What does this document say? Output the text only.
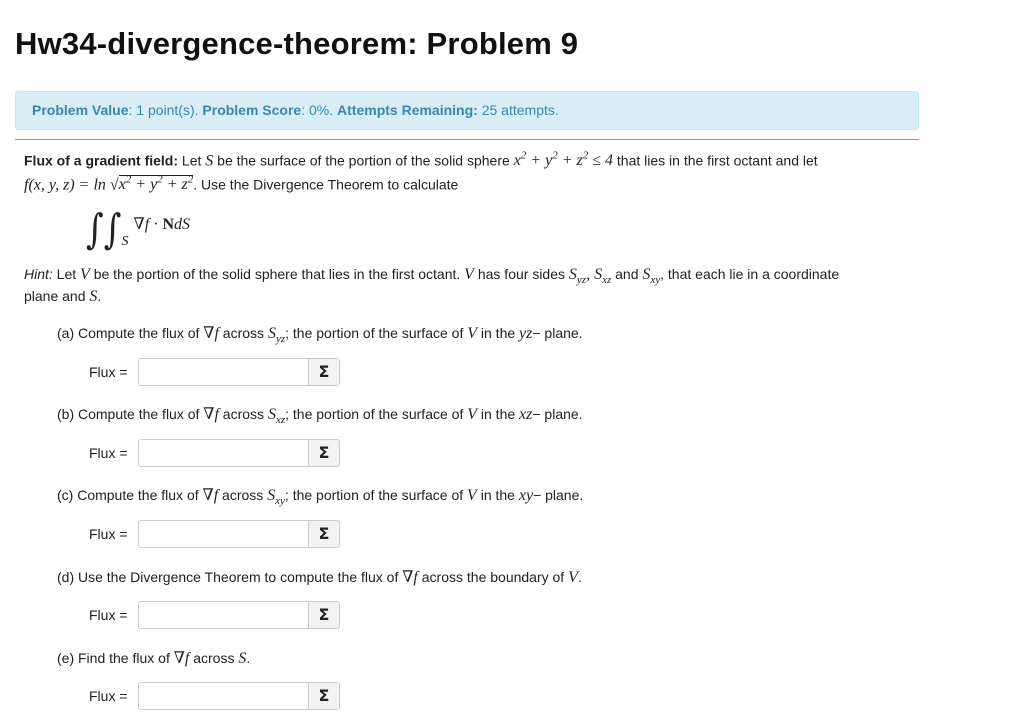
Hw34-divergence-theorem: Problem 9
Problem Value: 1 point(s). Problem Score: 0%. Attempts Remaining: 25 attempts.
Flux of a gradient field: Let S be the surface of the portion of the solid sphere $x^2 + y^2 + z^2 \le 4$ that lies in the first octant and let
f(x, y, $z) = \ln √x^2 + y^2 + z^2$. Use the Divergence Theorem to calculate
$\int\int_S$ ∇f · NdS
Hint: Let V be the portion of the solid sphere that lies in the first octant. V has four sides $S_{yz}$, $S_{xz}$ and $S_{xy}$, that each lie in a coordinate
plane and S.
(a) Compute the flux of ∇f across $S_{yz}$; the portion of the surface of V in the yz− plane.
Flux =	Σ
(b) Compute the flux of ∇f across $S_{xz}$; the portion of the surface of V in the xz− plane.
Flux =	Σ
(c) Compute the flux of ∇f across $S_{xy}$; the portion of the surface of V in the xy− plane.
Flux =	Σ
(d) Use the Divergence Theorem to compute the flux of ∇f across the boundary of V.
Flux =	Σ
(e) Find the flux of ∇f across S.
Flux =	Σ
